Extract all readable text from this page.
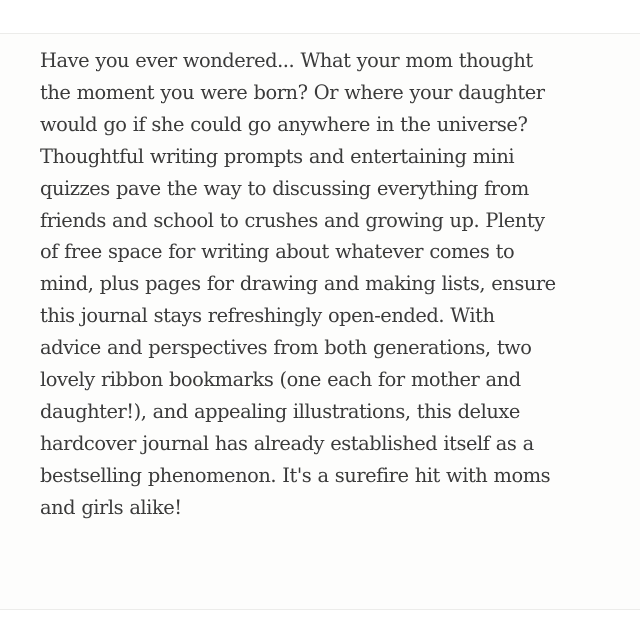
Have you ever wondered... What your mom thought
the moment you were born? Or where your daughter
would go if she could go anywhere in the universe?
Thoughtful writing prompts and entertaining mini
quizzes pave the way to discussing everything from
friends and school to crushes and growing up. Plenty
of free space for writing about whatever comes to
mind, plus pages for drawing and making lists, ensure
this journal stays refreshingly open-ended. With
advice and perspectives from both generations, two
lovely ribbon bookmarks (one each for mother and
daughter!), and appealing illustrations, this deluxe
hardcover journal has already established itself as a
bestselling phenomenon. It's a surefire hit with moms
and girls alike!
